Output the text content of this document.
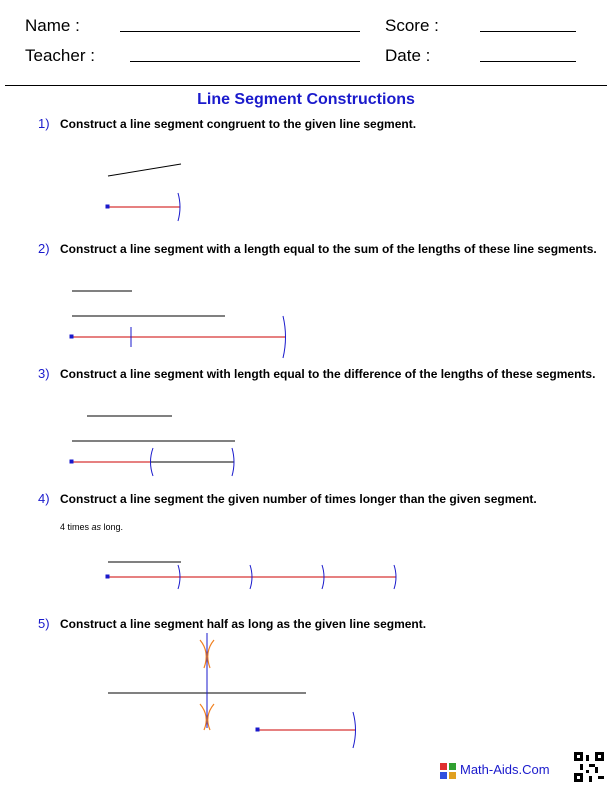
Name :	Score :
Teacher :	Date :
Line Segment Constructions
1) Construct a line segment congruent to the given line segment.
2) Construct a line segment with a length equal to the sum of the lengths of these line segments.
3) Construct a line segment with length equal to the difference of the lengths of these segments.
4) Construct a line segment the given number of times longer than the given segment.
4 times as long.
5) Construct a line segment half as long as the given line segment.
Math-Aids.Com
